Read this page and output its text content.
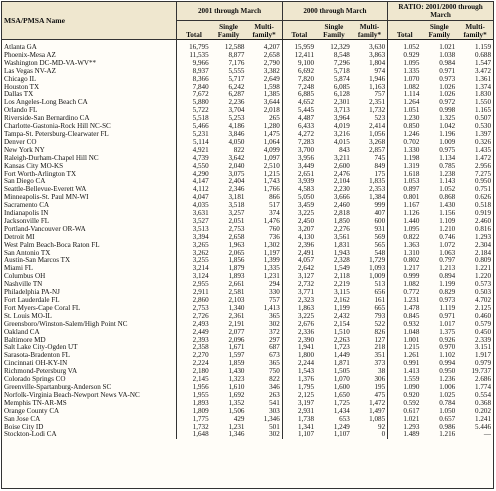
MSA/PMSA Name	2001 through March			2000 through March			RATIO: 2001/2000 through March		
	Total	Single Family	Multi-family*	Total	Single Family	Multi-family*	Total	Single Family	Multi-family*

Atlanta GA	16,795	12,588	4,207	15,959	12,329	3,630	1.052	1.021	1.159
Phoenix-Mesa AZ	11,535	8,877	2,658	12,411	8,548	3,863	0.929	1.038	0.688
Washington DC-MD-VA-WV**	9,966	7,176	2,790	9,100	7,296	1,804	1.095	0.984	1.547
Las Vegas NV-AZ	8,937	5,555	3,382	6,692	5,718	974	1.335	0.971	3.472
Chicago IL	8,366	5,717	2,649	7,820	5,874	1,946	1.070	0.973	1.361
Houston TX	7,840	6,242	1,598	7,248	6,085	1,163	1.082	1.026	1.374
Dallas TX	7,672	6,287	1,385	6,885	6,128	757	1.114	1.026	1.830
Los Angeles-Long Beach CA	5,880	2,236	3,644	4,652	2,301	2,351	1.264	0.972	1.550
Orlando FL	5,722	3,704	2,018	5,445	3,713	1,732	1.051	0.998	1.165
Riverside-San Bernardino CA	5,518	5,253	265	4,487	3,964	523	1.230	1.325	0.507
Charlotte-Gastonia-Rock Hill NC-SC	5,466	4,186	1,280	6,433	4,019	2,414	0.850	1.042	0.530
Tampa-St. Petersburg-Clearwater FL	5,231	3,846	1,475	4,272	3,216	1,056	1.246	1.196	1.397
Denver CO	5,114	4,050	1,064	7,283	4,015	3,268	0.702	1.009	0.326
New York NY	4,921	822	4,099	3,700	843	2,857	1.330	0.975	1.435
Raleigh-Durham-Chapel Hill NC	4,739	3,642	1,097	3,956	3,211	745	1.198	1.134	1.472
Kansas City MO-KS	4,550	2,040	2,510	3,449	2,600	849	1.319	0.785	2.956
Fort Worth-Arlington TX	4,290	3,075	1,215	2,651	2,476	175	1.618	1.238	7.275
San Diego CA	4,147	2,404	1,743	3,939	2,104	1,835	1.053	1.143	0.950
Seattle-Bellevue-Everett WA	4,112	2,346	1,766	4,583	2,230	2,353	0.897	1.052	0.751
Minneapolis-St. Paul MN-WI	4,047	3,181	866	5,050	3,666	1,384	0.801	0.868	0.626
Sacramento CA	4,035	3,518	517	3,459	2,460	999	1.167	1.430	0.518
Indianapolis IN	3,631	3,257	374	3,225	2,818	407	1.126	1.156	0.919
Jacksonville FL	3,527	2,051	1,476	2,450	1,850	600	1.440	1.109	2.460
Portland-Vancouver OR-WA	3,513	2,753	760	3,207	2,276	931	1.095	1.210	0.816
Detroit MI	3,394	2,658	736	4,130	3,561	569	0.822	0.746	1.293
West Palm Beach-Boca Raton FL	3,265	1,963	1,302	2,396	1,831	565	1.363	1.072	2.304
San Antonio TX	3,262	2,065	1,197	2,491	1,943	548	1.310	1.063	2.184
Austin-San Marcos TX	3,255	1,856	1,399	4,057	2,328	1,729	0.802	0.797	0.809
Miami FL	3,214	1,879	1,335	2,642	1,549	1,093	1.217	1.213	1.221
Columbus OH	3,124	1,893	1,231	3,127	2,118	1,009	0.999	0.894	1.220
Nashville TN	2,955	2,661	294	2,732	2,219	513	1.082	1.199	0.573
Philadelphia PA-NJ	2,911	2,581	330	3,771	3,115	656	0.772	0.829	0.503
Fort Lauderdale FL	2,860	2,103	757	2,323	2,162	161	1.231	0.973	4.702
Fort Myers-Cape Coral FL	2,753	1,340	1,413	1,863	1,199	665	1.478	1.119	2.125
St. Louis MO-IL	2,726	2,361	365	3,225	2,432	793	0.845	0.971	0.460
Greensboro/Winston-Salem/High Point NC	2,493	2,191	302	2,676	2,154	522	0.932	1.017	0.579
Oakland CA	2,449	2,077	372	2,336	1,510	826	1.048	1.375	0.450
Baltimore MD	2,393	2,096	297	2,390	2,263	127	1.001	0.926	2.339
Salt Lake City-Ogden UT	2,358	1,671	687	1,941	1,723	218	1.215	0.970	3.151
Sarasota-Bradenton FL	2,270	1,597	673	1,800	1,449	351	1.261	1.102	1.917
Cincinnati OH-KY-IN	2,224	1,859	365	2,244	1,871	373	0.991	0.994	0.979
Richmond-Petersburg VA	2,180	1,430	750	1,543	1,505	38	1.413	0.950	19.737
Colorado Springs CO	2,145	1,323	822	1,376	1,070	306	1.559	1.236	2.686
Greenville-Spartanburg-Anderson SC	1,956	1,610	346	1,795	1,600	195	1.090	1.006	1.774
Norfolk-Virginia Beach-Newport News VA-NC	1,955	1,692	263	2,125	1,650	475	0.920	1.025	0.554
Memphis TN-AR-MS	1,893	1,352	541	3,197	1,725	1,472	0.592	0.784	0.368
Orange County CA	1,809	1,506	303	2,931	1,434	1,497	0.617	1.050	0.202
San Jose CA	1,775	429	1,346	1,738	653	1,085	1.021	0.657	1.241
Boise City ID	1,732	1,231	501	1,341	1,249	92	1.293	0.986	5.446
Stockton-Lodi CA	1,648	1,346	302	1,107	1,107	0	1.489	1.216	—
